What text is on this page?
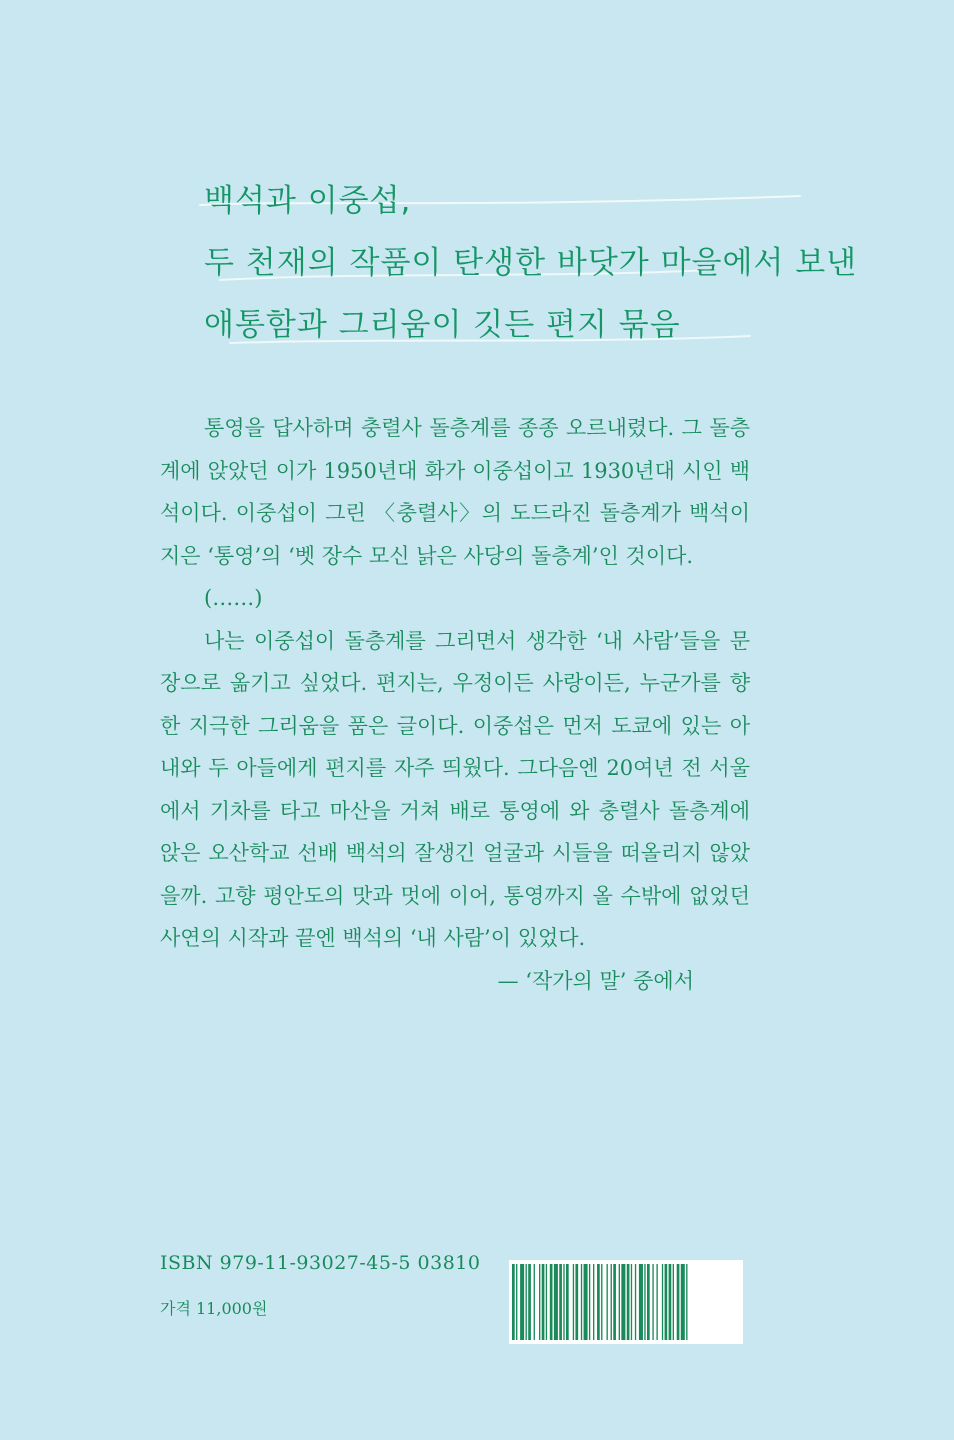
백석과 이중섭,
두 천재의 작품이 탄생한 바닷가 마을에서 보낸
애통함과 그리움이 깃든 편지 묶음

통영을 답사하며 충렬사 돌층계를 종종 오르내렸다. 그 돌층계에 앉았던 이가 1950년대 화가 이중섭이고 1930년대 시인 백석이다. 이중섭이 그린 〈충렬사〉의 도드라진 돌층계가 백석이 지은 ‘통영’의 ‘벳 장수 모신 낡은 사당의 돌층계’인 것이다.

(……)

나는 이중섭이 돌층계를 그리면서 생각한 ‘내 사람’들을 문장으로 옮기고 싶었다. 편지는, 우정이든 사랑이든, 누군가를 향한 지극한 그리움을 품은 글이다. 이중섭은 먼저 도쿄에 있는 아내와 두 아들에게 편지를 자주 띄웠다. 그다음엔 20여년 전 서울에서 기차를 타고 마산을 거쳐 배로 통영에 와 충렬사 돌층계에 앉은 오산학교 선배 백석의 잘생긴 얼굴과 시들을 떠올리지 않았을까. 고향 평안도의 맛과 멋에 이어, 통영까지 올 수밖에 없었던 사연의 시작과 끝엔 백석의 ‘내 사람’이 있었다.

— ‘작가의 말’ 중에서

ISBN 979-11-93027-45-5 03810
가격 11,000원
